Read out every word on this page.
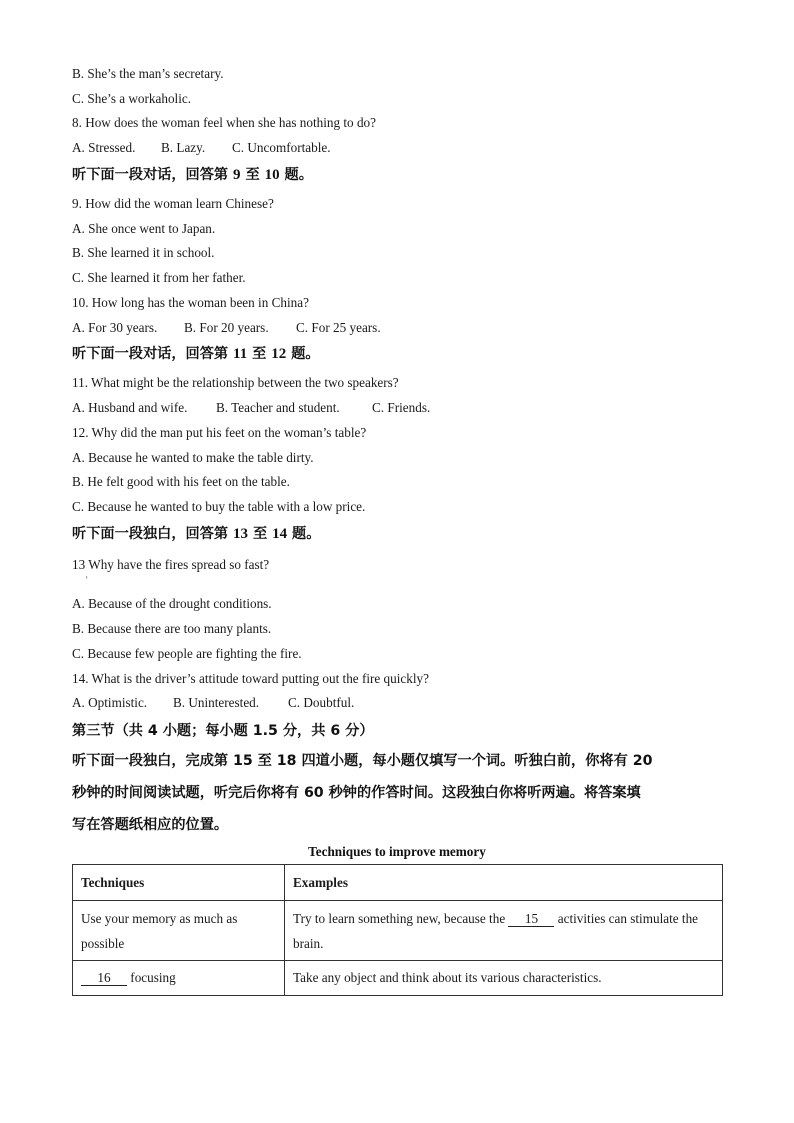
B. She’s the man’s secretary.
C. She’s a workaholic.
8. How does the woman feel when she has nothing to do?
A. Stressed. B. Lazy. C. Uncomfortable.
听下面一段对话，回答第 9 至 10 题。
9. How did the woman learn Chinese?
A. She once went to Japan.
B. She learned it in school.
C. She learned it from her father.
10. How long has the woman been in China?
A. For 30 years. B. For 20 years. C. For 25 years.
听下面一段对话，回答第 11 至 12 题。
11. What might be the relationship between the two speakers?
A. Husband and wife. B. Teacher and student. C. Friends.
12. Why did the man put his feet on the woman’s table?
A. Because he wanted to make the table dirty.
B. He felt good with his feet on the table.
C. Because he wanted to buy the table with a low price.
听下面一段独白，回答第 13 至 14 题。
13 Why have the fires spread so fast?
'
A. Because of the drought conditions.
B. Because there are too many plants.
C. Because few people are fighting the fire.
14. What is the driver’s attitude toward putting out the fire quickly?
A. Optimistic. B. Uninterested. C. Doubtful.
第三节（共 4 小题；每小题 1.5 分，共 6 分）
听下面一段独白，完成第 15 至 18 四道小题，每小题仅填写一个词。听独白前，你将有 20
秒钟的时间阅读试题，听完后你将有 60 秒钟的作答时间。这段独白你将听两遍。将答案填
写在答题纸相应的位置。
Techniques to improve memory
Techniques	Examples
Use your memory as much as possible	Try to learn something new, because the 15 activities can stimulate the brain.
16 focusing	Take any object and think about its various characteristics.
